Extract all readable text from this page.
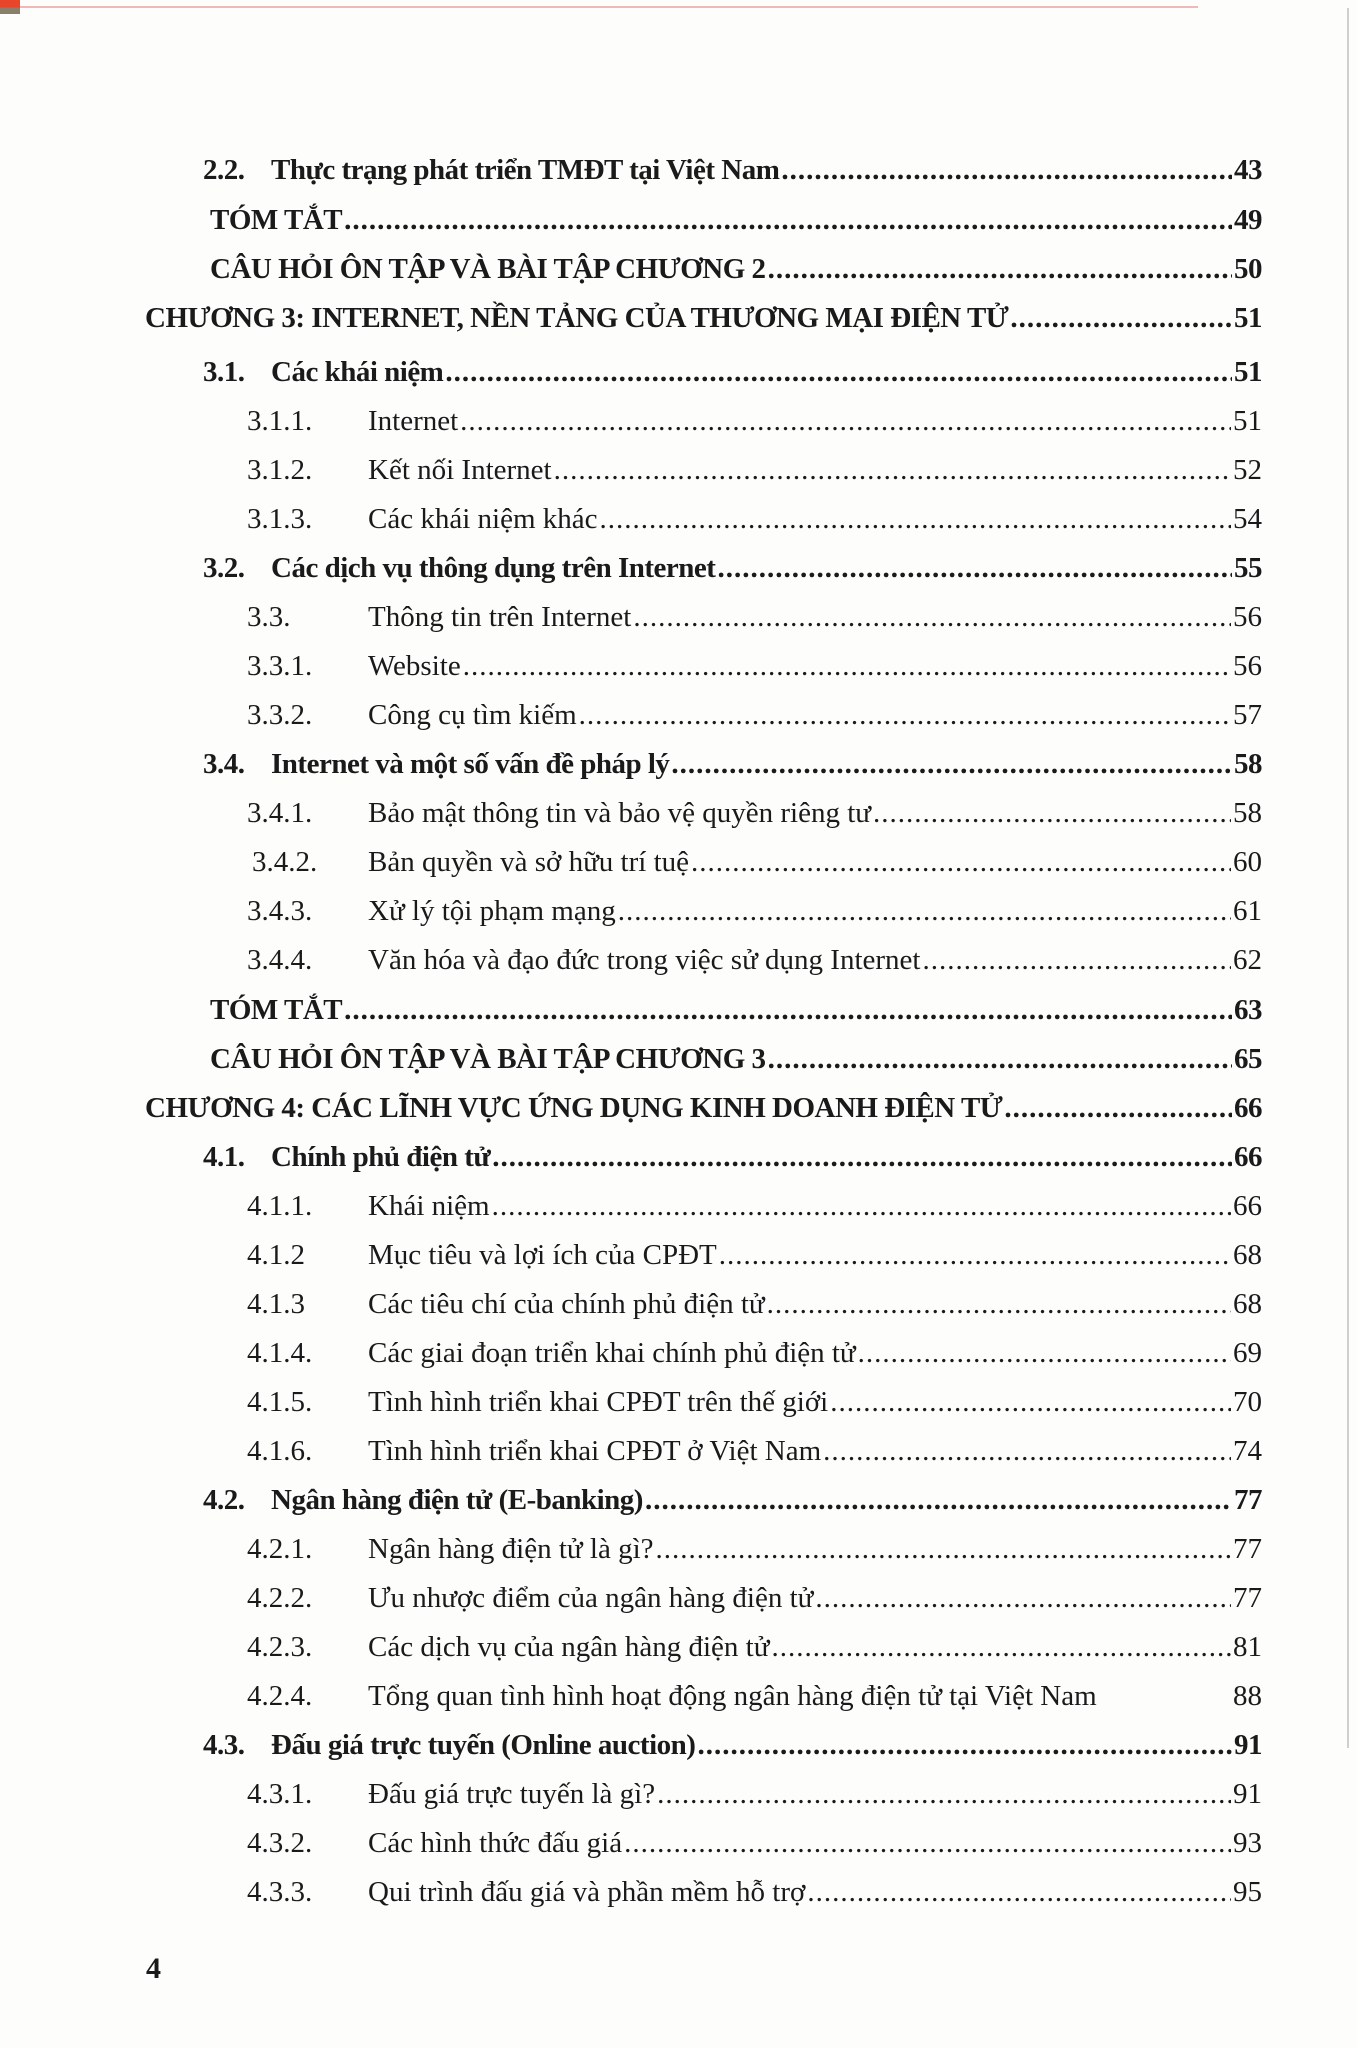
2.2. Thực trạng phát triển TMĐT tại Việt Nam .....	43
TÓM TẮT .....	49
CÂU HỎI ÔN TẬP VÀ BÀI TẬP CHƯƠNG 2 .....	50
CHƯƠNG 3: INTERNET, NỀN TẢNG CỦA THƯƠNG MẠI ĐIỆN TỬ .....	51
3.1. Các khái niệm .....	51
3.1.1.	Internet .....	51
3.1.2.	Kết nối Internet .....	52
3.1.3.	Các khái niệm khác .....	54
3.2. Các dịch vụ thông dụng trên Internet .....	55
3.3.	Thông tin trên Internet .....	56
3.3.1.	Website .....	56
3.3.2.	Công cụ tìm kiếm .....	57
3.4. Internet và một số vấn đề pháp lý .....	58
3.4.1.	Bảo mật thông tin và bảo vệ quyền riêng tư .....	58
3.4.2.	Bản quyền và sở hữu trí tuệ .....	60
3.4.3.	Xử lý tội phạm mạng .....	61
3.4.4.	Văn hóa và đạo đức trong việc sử dụng Internet .....	62
TÓM TẮT .....	63
CÂU HỎI ÔN TẬP VÀ BÀI TẬP CHƯƠNG 3 .....	65
CHƯƠNG 4: CÁC LĨNH VỰC ỨNG DỤNG KINH DOANH ĐIỆN TỬ .....	66
4.1. Chính phủ điện tử .....	66
4.1.1.	Khái niệm .....	66
4.1.2	Mục tiêu và lợi ích của CPĐT .....	68
4.1.3	Các tiêu chí của chính phủ điện tử .....	68
4.1.4.	Các giai đoạn triển khai chính phủ điện tử .....	69
4.1.5.	Tình hình triển khai CPĐT trên thế giới .....	70
4.1.6.	Tình hình triển khai CPĐT ở Việt Nam .....	74
4.2. Ngân hàng điện tử (E-banking) .....	77
4.2.1.	Ngân hàng điện tử là gì? .....	77
4.2.2.	Ưu nhược điểm của ngân hàng điện tử .....	77
4.2.3.	Các dịch vụ của ngân hàng điện tử .....	81
4.2.4.	Tổng quan tình hình hoạt động ngân hàng điện tử tại Việt Nam	88
4.3. Đấu giá trực tuyến (Online auction) .....	91
4.3.1.	Đấu giá trực tuyến là gì? .....	91
4.3.2.	Các hình thức đấu giá .....	93
4.3.3.	Qui trình đấu giá và phần mềm hỗ trợ .....	95
4
